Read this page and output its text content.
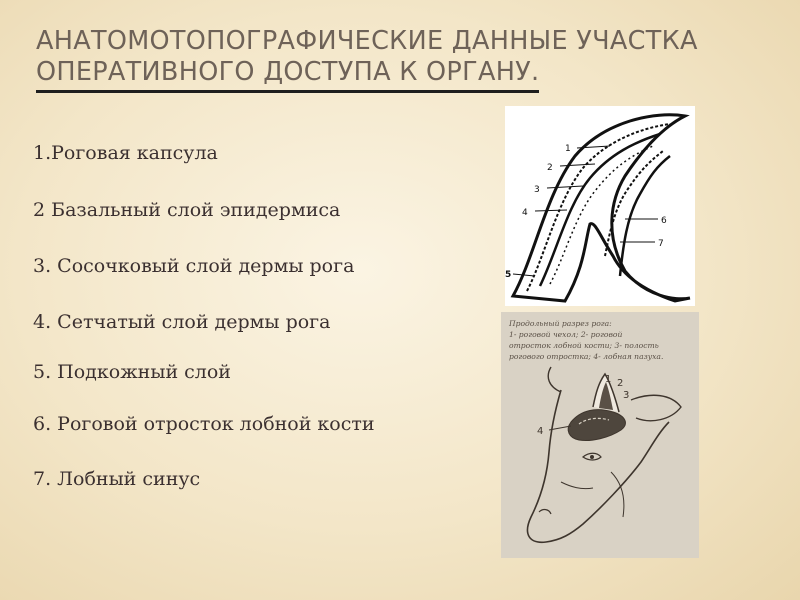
АНАТОМОТОПОГРАФИЧЕСКИЕ ДАННЫЕ УЧАСТКА
ОПЕРАТИВНОГО ДОСТУПА К ОРГАНУ.
1.Роговая капсула
2 Базальный слой эпидермиса
3. Сосочковый слой дермы рога
4. Сетчатый слой дермы рога
5. Подкожный слой
6. Роговой отросток лобной кости
7. Лобный синус
1
2
3
4
5
6
7
Продольный разрез рога:
1- роговой чехол; 2- роговой
отросток лобной кости; 3- полость
рогового отростка; 4- лобная пазуха.
1 2
3
4
